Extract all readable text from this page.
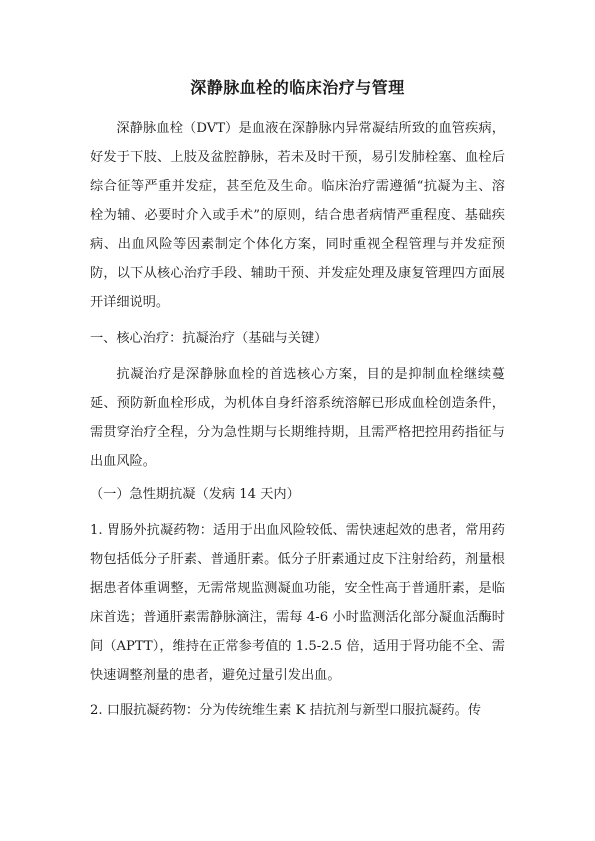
深静脉血栓的临床治疗与管理

深静脉血栓（DVT）是血液在深静脉内异常凝结所致的血管疾病，好发于下肢、上肢及盆腔静脉，若未及时干预，易引发肺栓塞、血栓后综合征等严重并发症，甚至危及生命。临床治疗需遵循“抗凝为主、溶栓为辅、必要时介入或手术”的原则，结合患者病情严重程度、基础疾病、出血风险等因素制定个体化方案，同时重视全程管理与并发症预防，以下从核心治疗手段、辅助干预、并发症处理及康复管理四方面展开详细说明。

一、核心治疗：抗凝治疗（基础与关键）

抗凝治疗是深静脉血栓的首选核心方案，目的是抑制血栓继续蔓延、预防新血栓形成，为机体自身纤溶系统溶解已形成血栓创造条件，需贯穿治疗全程，分为急性期与长期维持期，且需严格把控用药指征与出血风险。

（一）急性期抗凝（发病 14 天内）

1. 胃肠外抗凝药物：适用于出血风险较低、需快速起效的患者，常用药物包括低分子肝素、普通肝素。低分子肝素通过皮下注射给药，剂量根据患者体重调整，无需常规监测凝血功能，安全性高于普通肝素，是临床首选；普通肝素需静脉滴注，需每 4-6 小时监测活化部分凝血活酶时间（APTT），维持在正常参考值的 1.5-2.5 倍，适用于肾功能不全、需快速调整剂量的患者，避免过量引发出血。

2. 口服抗凝药物：分为传统维生素 K 拮抗剂与新型口服抗凝药。传
